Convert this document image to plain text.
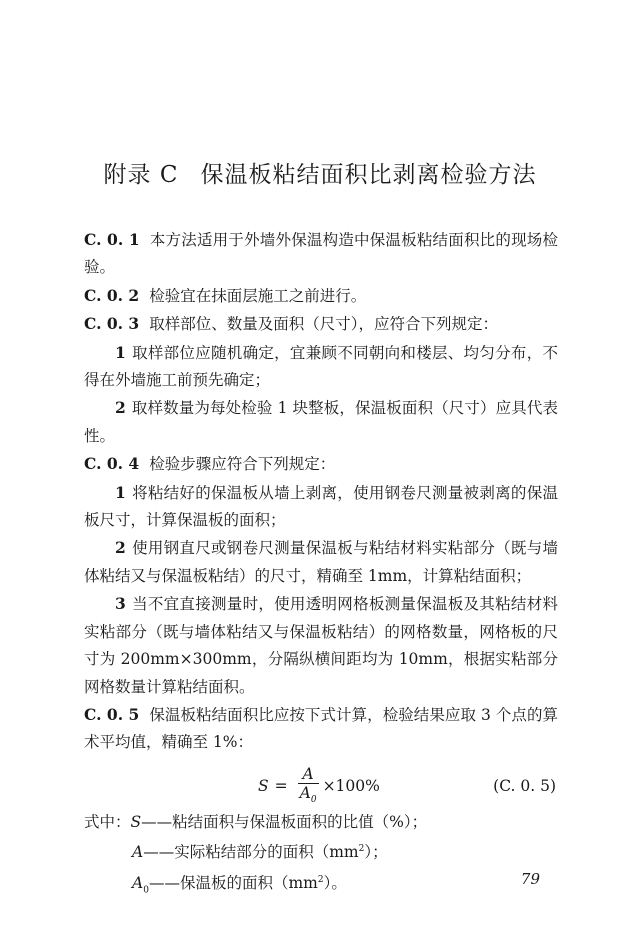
附录 C 保温板粘结面积比剥离检验方法

C. 0. 1 本方法适用于外墙外保温构造中保温板粘结面积比的现场检验。

C. 0. 2 检验宜在抹面层施工之前进行。

C. 0. 3 取样部位、数量及面积（尺寸），应符合下列规定：

1 取样部位应随机确定，宜兼顾不同朝向和楼层、均匀分布，不得在外墙施工前预先确定；

2 取样数量为每处检验 1 块整板，保温板面积（尺寸）应具代表性。

C. 0. 4 检验步骤应符合下列规定：

1 将粘结好的保温板从墙上剥离，使用钢卷尺测量被剥离的保温板尺寸，计算保温板的面积；

2 使用钢直尺或钢卷尺测量保温板与粘结材料实粘部分（既与墙体粘结又与保温板粘结）的尺寸，精确至 1mm，计算粘结面积；

3 当不宜直接测量时，使用透明网格板测量保温板及其粘结材料实粘部分（既与墙体粘结又与保温板粘结）的网格数量，网格板的尺寸为 200mm×300mm，分隔纵横间距均为 10mm，根据实粘部分网格数量计算粘结面积。

C. 0. 5 保温板粘结面积比应按下式计算，检验结果应取 3 个点的算术平均值，精确至 1%：

$S = \frac{A}{A_0} \times 100\%$	(C. 0. 5)

式中：S——粘结面积与保温板面积的比值（%）；

A——实际粘结部分的面积$(mm^2)$；

$A_0——$保温板的面积$(mm^2)$。	79
